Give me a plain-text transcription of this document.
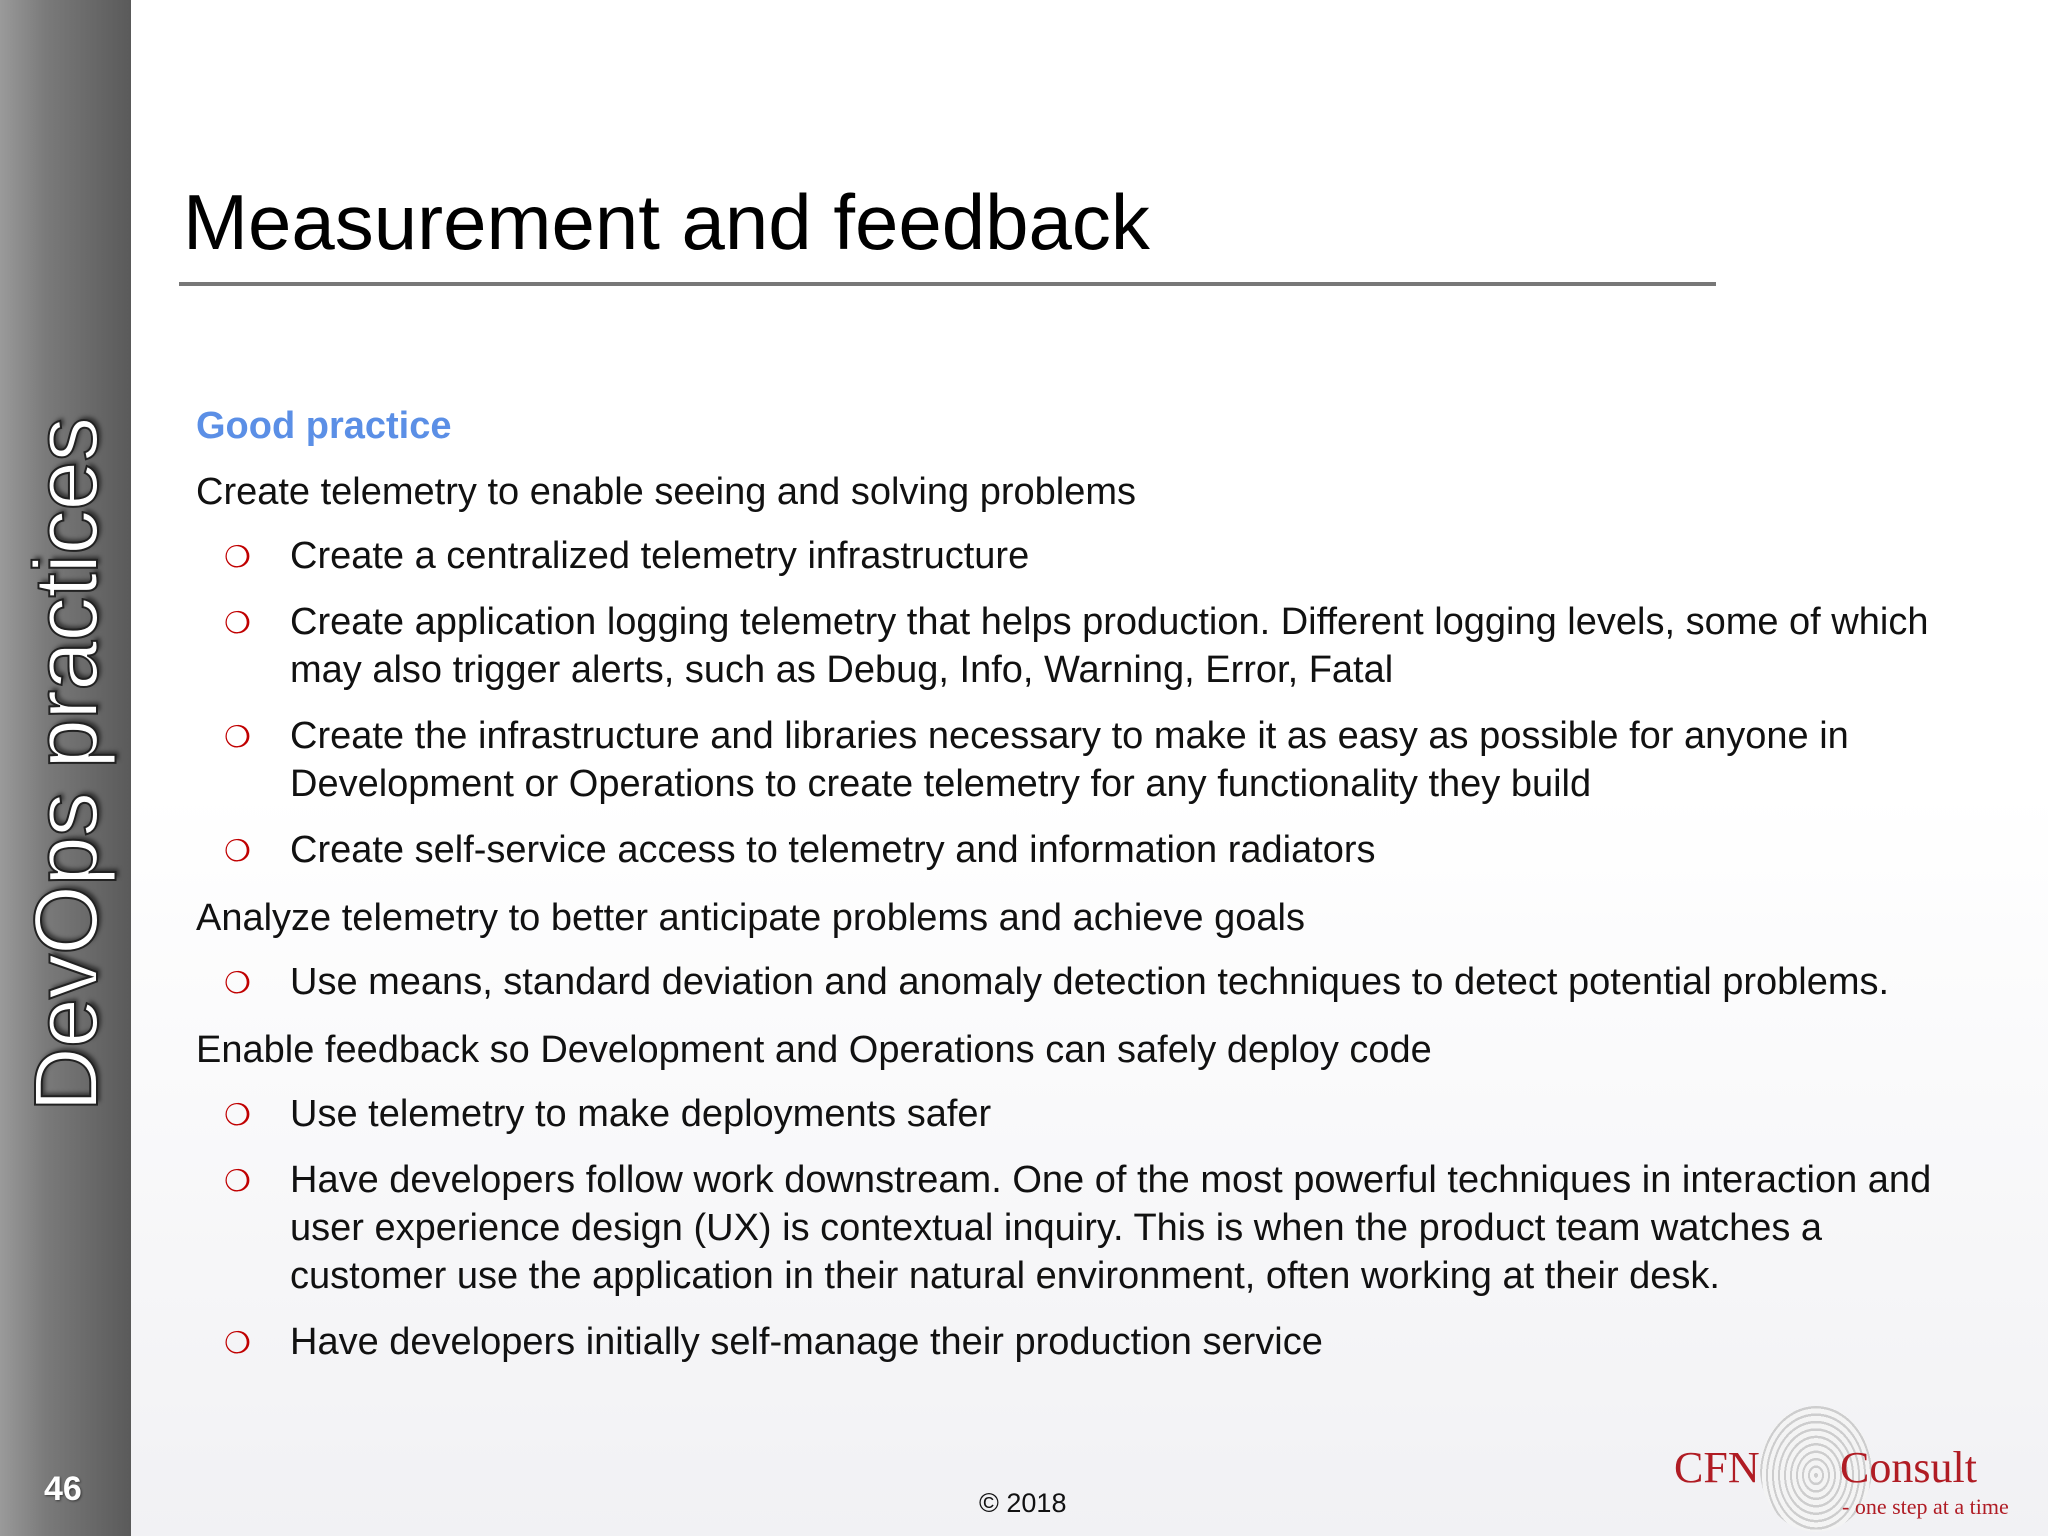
DevOps practices
46
Measurement and feedback
Good practice
Create telemetry to enable seeing and solving problems
❍ Create a centralized telemetry infrastructure
❍ Create application logging telemetry that helps production. Different logging levels, some of which may also trigger alerts, such as Debug, Info, Warning, Error, Fatal
❍ Create the infrastructure and libraries necessary to make it as easy as possible for anyone in Development or Operations to create telemetry for any functionality they build
❍ Create self-service access to telemetry and information radiators
Analyze telemetry to better anticipate problems and achieve goals
❍ Use means, standard deviation and anomaly detection techniques to detect potential problems.
Enable feedback so Development and Operations can safely deploy code
❍ Use telemetry to make deployments safer
❍ Have developers follow work downstream. One of the most powerful techniques in interaction and user experience design (UX) is contextual inquiry. This is when the product team watches a customer use the application in their natural environment, often working at their desk.
❍ Have developers initially self-manage their production service
© 2018
CFN Consult
- one step at a time
